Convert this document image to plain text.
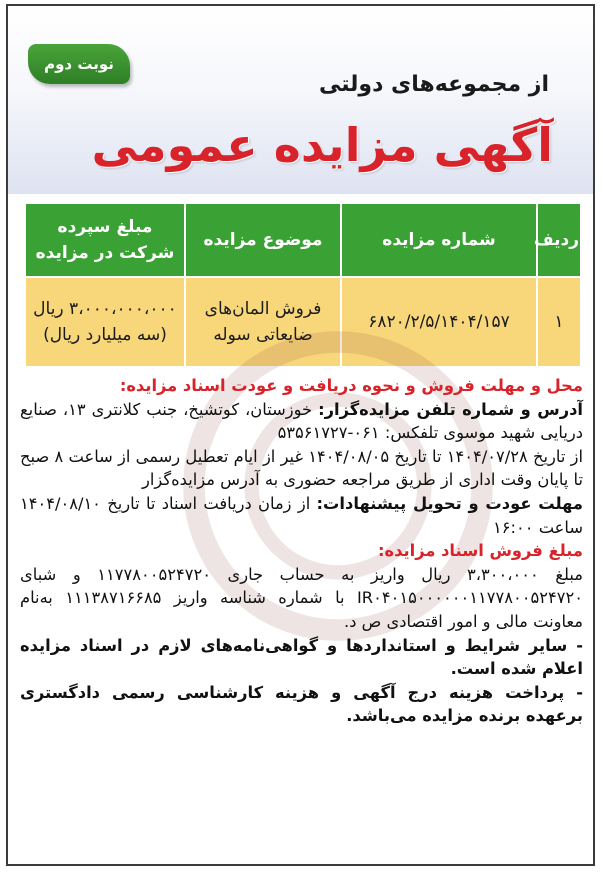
نوبت دوم
از مجموعه‌های دولتی
آگهی مزایده عمومی
ردیف	شماره مزایده	موضوع مزایده	مبلغ سپرده شرکت در مزایده
۱	۶۸۲۰/۲/۵/۱۴۰۴/۱۵۷	فروش المان‌های ضایعاتی سوله	۳،۰۰۰،۰۰۰،۰۰۰ ریال (سه میلیارد ریال)

محل و مهلت فروش و نحوه دریافت و عودت اسناد مزایده:

آدرس و شماره تلفن مزایده‌گزار: خوزستان، کوتشیخ، جنب کلانتری ۱۳، صنایع دریایی شهید موسوی تلفکس: ۰۶۱-۵۳۵۶۱۷۲۷

از تاریخ ۱۴۰۴/۰۷/۲۸ تا تاریخ ۱۴۰۴/۰۸/۰۵ غیر از ایام تعطیل رسمی از ساعت ۸ صبح تا پایان وقت اداری از طریق مراجعه حضوری به آدرس مزایده‌گزار

مهلت عودت و تحویل پیشنهادات: از زمان دریافت اسناد تا تاریخ ۱۴۰۴/۰۸/۱۰ ساعت ۱۶:۰۰

مبلغ فروش اسناد مزایده:

مبلغ ۳،۳۰۰،۰۰۰ ریال واریز به حساب جاری ۱۱۷۷۸۰۰۵۲۴۷۲۰ و شبای IR۰۴۰۱۵۰۰۰۰۰۰۱۱۷۷۸۰۰۵۲۴۷۲۰ با شماره شناسه واریز ۱۱۱۳۸۷۱۶۶۸۵ به‌نام معاونت مالی و امور اقتصادی ص د.

- سایر شرایط و استانداردها و گواهی‌نامه‌های لازم در اسناد مزایده اعلام شده است.

- پرداخت هزینه درج آگهی و هزینه کارشناسی رسمی دادگستری برعهده برنده مزایده می‌باشد.
